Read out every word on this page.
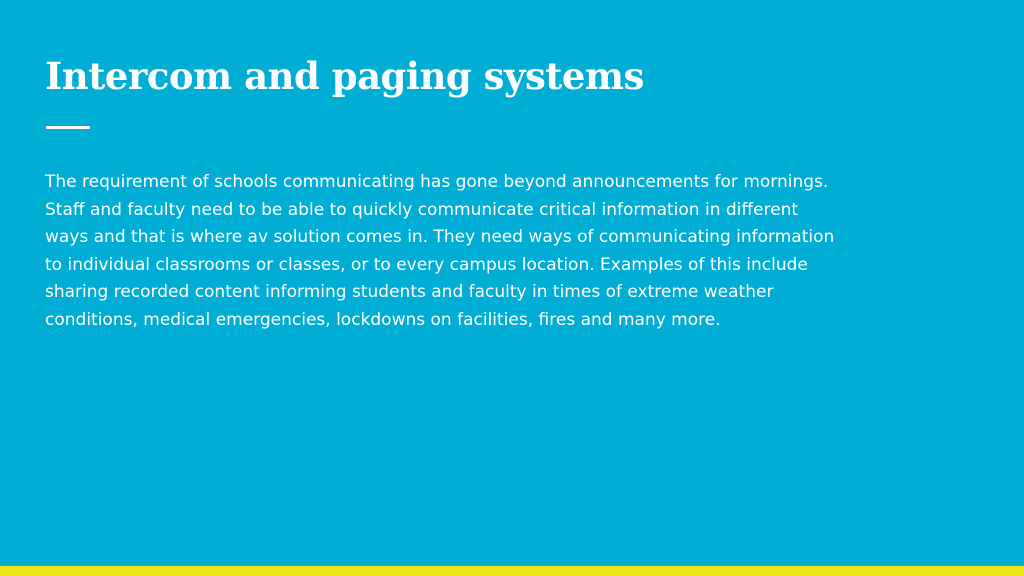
Intercom and paging systems

The requirement of schools communicating has gone beyond announcements for mornings.
Staff and faculty need to be able to quickly communicate critical information in different
ways and that is where av solution comes in. They need ways of communicating information
to individual classrooms or classes, or to every campus location. Examples of this include
sharing recorded content informing students and faculty in times of extreme weather
conditions, medical emergencies, lockdowns on facilities, fires and many more.
